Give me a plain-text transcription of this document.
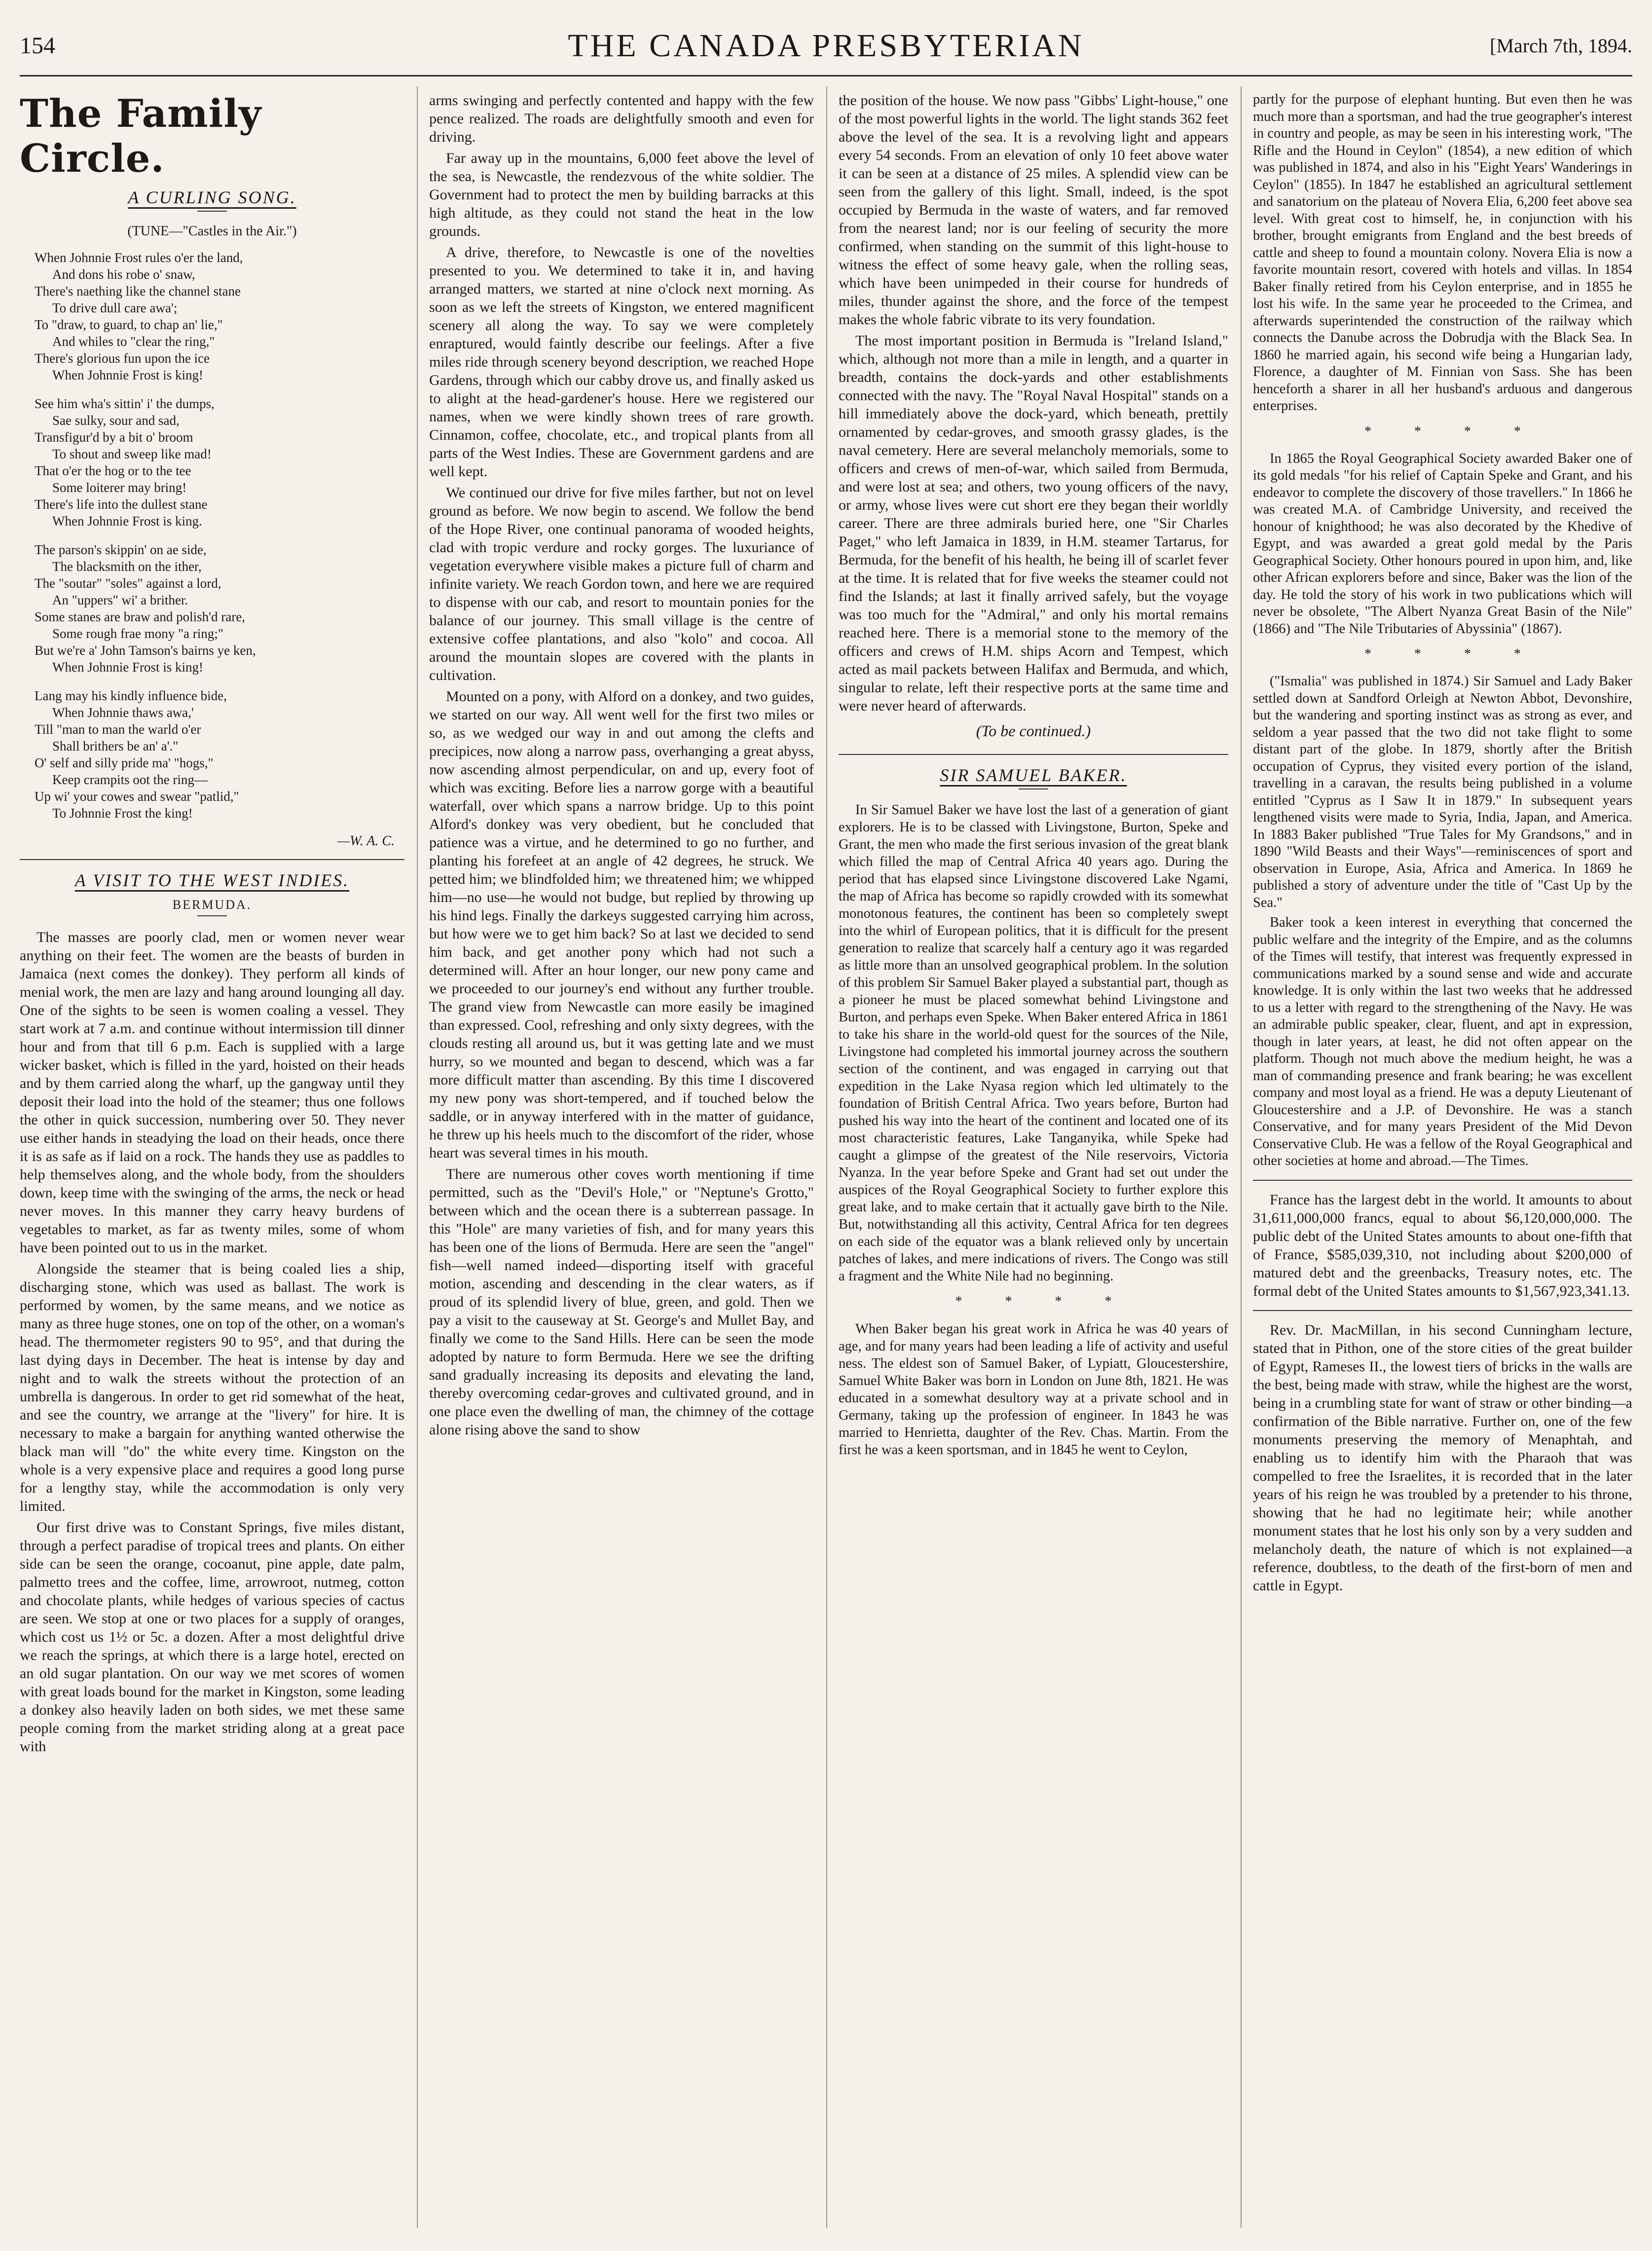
154	THE CANADA PRESBYTERIAN	[March 7th, 1894.
The Family Circle.
A CURLING SONG.
(TUNE—"Castles in the Air.")
When Johnnie Frost rules o'er the land,
And dons his robe o' snaw,
There's naething like the channel stane
To drive dull care awa';
To "draw, to guard, to chap an' lie,"
And whiles to "clear the ring,"
There's glorious fun upon the ice
When Johnnie Frost is king!
See him wha's sittin' i' the dumps,
Sae sulky, sour and sad,
Transfigur'd by a bit o' broom
To shout and sweep like mad!
That o'er the hog or to the tee
Some loiterer may bring!
There's life into the dullest stane
When Johnnie Frost is king.
The parson's skippin' on ae side,
The blacksmith on the ither,
The "soutar" "soles" against a lord,
An "uppers" wi' a brither.
Some stanes are braw and polish'd rare,
Some rough frae mony "a ring;"
But we're a' John Tamson's bairns ye ken,
When Johnnie Frost is king!
Lang may his kindly influence bide,
When Johnnie thaws awa,'
Till "man to man the warld o'er
Shall brithers be an' a'."
O' self and silly pride ma' "hogs,"
Keep crampits oot the ring—
Up wi' your cowes and swear "patlid,"
To Johnnie Frost the king!
—W. A. C.
A VISIT TO THE WEST INDIES.
BERMUDA.

The masses are poorly clad, men or women never wear anything on their feet. The women are the beasts of burden in Jamaica (next comes the donkey). They perform all kinds of menial work, the men are lazy and hang around lounging all day. One of the sights to be seen is women coaling a vessel. They start work at 7 a.m. and continue without intermission till dinner hour and from that till 6 p.m. Each is supplied with a large wicker basket, which is filled in the yard, hoisted on their heads and by them carried along the wharf, up the gangway until they deposit their load into the hold of the steamer; thus one follows the other in quick succession, numbering over 50. They never use either hands in steadying the load on their heads, once there it is as safe as if laid on a rock. The hands they use as paddles to help themselves along, and the whole body, from the shoulders down, keep time with the swinging of the arms, the neck or head never moves. In this manner they carry heavy burdens of vegetables to market, as far as twenty miles, some of whom have been pointed out to us in the market.

Alongside the steamer that is being coaled lies a ship, discharging stone, which was used as ballast. The work is performed by women, by the same means, and we notice as many as three huge stones, one on top of the other, on a woman's head. The thermometer registers 90 to 95°, and that during the last dying days in December. The heat is intense by day and night and to walk the streets without the protection of an umbrella is dangerous. In order to get rid somewhat of the heat, and see the country, we arrange at the "livery" for hire. It is necessary to make a bargain for anything wanted otherwise the black man will "do" the white every time. Kingston on the whole is a very expensive place and requires a good long purse for a lengthy stay, while the accommodation is only very limited.

Our first drive was to Constant Springs, five miles distant, through a perfect paradise of tropical trees and plants. On either side can be seen the orange, cocoanut, pine apple, date palm, palmetto trees and the coffee, lime, arrowroot, nutmeg, cotton and chocolate plants, while hedges of various species of cactus are seen. We stop at one or two places for a supply of oranges, which cost us 1½ or 5c. a dozen. After a most delightful drive we reach the springs, at which there is a large hotel, erected on an old sugar plantation. On our way we met scores of women with great loads bound for the market in Kingston, some leading a donkey also heavily laden on both sides, we met these same people coming from the market striding along at a great pace with

arms swinging and perfectly contented and happy with the few pence realized. The roads are delightfully smooth and even for driving.

Far away up in the mountains, 6,000 feet above the level of the sea, is Newcastle, the rendezvous of the white soldier. The Government had to protect the men by building barracks at this high altitude, as they could not stand the heat in the low grounds.

A drive, therefore, to Newcastle is one of the novelties presented to you. We determined to take it in, and having arranged matters, we started at nine o'clock next morning. As soon as we left the streets of Kingston, we entered magnificent scenery all along the way. To say we were completely enraptured, would faintly describe our feelings. After a five miles ride through scenery beyond description, we reached Hope Gardens, through which our cabby drove us, and finally asked us to alight at the head-gardener's house. Here we registered our names, when we were kindly shown trees of rare growth. Cinnamon, coffee, chocolate, etc., and tropical plants from all parts of the West Indies. These are Government gardens and are well kept.

We continued our drive for five miles farther, but not on level ground as before. We now begin to ascend. We follow the bend of the Hope River, one continual panorama of wooded heights, clad with tropic verdure and rocky gorges. The luxuriance of vegetation everywhere visible makes a picture full of charm and infinite variety. We reach Gordon town, and here we are required to dispense with our cab, and resort to mountain ponies for the balance of our journey. This small village is the centre of extensive coffee plantations, and also "kolo" and cocoa. All around the mountain slopes are covered with the plants in cultivation.

Mounted on a pony, with Alford on a donkey, and two guides, we started on our way. All went well for the first two miles or so, as we wedged our way in and out among the clefts and precipices, now along a narrow pass, overhanging a great abyss, now ascending almost perpendicular, on and up, every foot of which was exciting. Before lies a narrow gorge with a beautiful waterfall, over which spans a narrow bridge. Up to this point Alford's donkey was very obedient, but he concluded that patience was a virtue, and he determined to go no further, and planting his forefeet at an angle of 42 degrees, he struck. We petted him; we blindfolded him; we threatened him; we whipped him—no use—he would not budge, but replied by throwing up his hind legs. Finally the darkeys suggested carrying him across, but how were we to get him back? So at last we decided to send him back, and get another pony which had not such a determined will. After an hour longer, our new pony came and we proceeded to our journey's end without any further trouble. The grand view from Newcastle can more easily be imagined than expressed. Cool, refreshing and only sixty degrees, with the clouds resting all around us, but it was getting late and we must hurry, so we mounted and began to descend, which was a far more difficult matter than ascending. By this time I discovered my new pony was short-tempered, and if touched below the saddle, or in anyway interfered with in the matter of guidance, he threw up his heels much to the discomfort of the rider, whose heart was several times in his mouth.

There are numerous other coves worth mentioning if time permitted, such as the "Devil's Hole," or "Neptune's Grotto," between which and the ocean there is a subterrean passage. In this "Hole" are many varieties of fish, and for many years this has been one of the lions of Bermuda. Here are seen the "angel" fish—well named indeed—disporting itself with graceful motion, ascending and descending in the clear waters, as if proud of its splendid livery of blue, green, and gold. Then we pay a visit to the causeway at St. George's and Mullet Bay, and finally we come to the Sand Hills. Here can be seen the mode adopted by nature to form Bermuda. Here we see the drifting sand gradually increasing its deposits and elevating the land, thereby overcoming cedar-groves and cultivated ground, and in one place even the dwelling of man, the chimney of the cottage alone rising above the sand to show

the position of the house. We now pass "Gibbs' Light-house," one of the most powerful lights in the world. The light stands 362 feet above the level of the sea. It is a revolving light and appears every 54 seconds. From an elevation of only 10 feet above water it can be seen at a distance of 25 miles. A splendid view can be seen from the gallery of this light. Small, indeed, is the spot occupied by Bermuda in the waste of waters, and far removed from the nearest land; nor is our feeling of security the more confirmed, when standing on the summit of this light-house to witness the effect of some heavy gale, when the rolling seas, which have been unimpeded in their course for hundreds of miles, thunder against the shore, and the force of the tempest makes the whole fabric vibrate to its very foundation.

The most important position in Bermuda is "Ireland Island," which, although not more than a mile in length, and a quarter in breadth, contains the dock-yards and other establishments connected with the navy. The "Royal Naval Hospital" stands on a hill immediately above the dock-yard, which beneath, prettily ornamented by cedar-groves, and smooth grassy glades, is the naval cemetery. Here are several melancholy memorials, some to officers and crews of men-of-war, which sailed from Bermuda, and were lost at sea; and others, two young officers of the navy, or army, whose lives were cut short ere they began their worldly career. There are three admirals buried here, one "Sir Charles Paget," who left Jamaica in 1839, in H.M. steamer Tartarus, for Bermuda, for the benefit of his health, he being ill of scarlet fever at the time. It is related that for five weeks the steamer could not find the Islands; at last it finally arrived safely, but the voyage was too much for the "Admiral," and only his mortal remains reached here. There is a memorial stone to the memory of the officers and crews of H.M. ships Acorn and Tempest, which acted as mail packets between Halifax and Bermuda, and which, singular to relate, left their respective ports at the same time and were never heard of afterwards.

(To be continued.)
SIR SAMUEL BAKER.

In Sir Samuel Baker we have lost the last of a generation of giant explorers. He is to be classed with Livingstone, Burton, Speke and Grant, the men who made the first serious invasion of the great blank which filled the map of Central Africa 40 years ago. During the period that has elapsed since Livingstone discovered Lake Ngami, the map of Africa has become so rapidly crowded with its somewhat monotonous features, the continent has been so completely swept into the whirl of European politics, that it is difficult for the present generation to realize that scarcely half a century ago it was regarded as little more than an unsolved geographical problem. In the solution of this problem Sir Samuel Baker played a substantial part, though as a pioneer he must be placed somewhat behind Livingstone and Burton, and perhaps even Speke. When Baker entered Africa in 1861 to take his share in the world-old quest for the sources of the Nile, Livingstone had completed his immortal journey across the southern section of the continent, and was engaged in carrying out that expedition in the Lake Nyasa region which led ultimately to the foundation of British Central Africa. Two years before, Burton had pushed his way into the heart of the continent and located one of its most characteristic features, Lake Tanganyika, while Speke had caught a glimpse of the greatest of the Nile reservoirs, Victoria Nyanza. In the year before Speke and Grant had set out under the auspices of the Royal Geographical Society to further explore this great lake, and to make certain that it actually gave birth to the Nile. But, notwithstanding all this activity, Central Africa for ten degrees on each side of the equator was a blank relieved only by uncertain patches of lakes, and mere indications of rivers. The Congo was still a fragment and the White Nile had no beginning.

* * * *

When Baker began his great work in Africa he was 40 years of age, and for many years had been leading a life of activity and useful ness. The eldest son of Samuel Baker, of Lypiatt, Gloucestershire, Samuel White Baker was born in London on June 8th, 1821. He was educated in a somewhat desultory way at a private school and in Germany, taking up the profession of engineer. In 1843 he was married to Henrietta, daughter of the Rev. Chas. Martin. From the first he was a keen sportsman, and in 1845 he went to Ceylon,

partly for the purpose of elephant hunting. But even then he was much more than a sportsman, and had the true geographer's interest in country and people, as may be seen in his interesting work, "The Rifle and the Hound in Ceylon" (1854), a new edition of which was published in 1874, and also in his "Eight Years' Wanderings in Ceylon" (1855). In 1847 he established an agricultural settlement and sanatorium on the plateau of Novera Elia, 6,200 feet above sea level. With great cost to himself, he, in conjunction with his brother, brought emigrants from England and the best breeds of cattle and sheep to found a mountain colony. Novera Elia is now a favorite mountain resort, covered with hotels and villas. In 1854 Baker finally retired from his Ceylon enterprise, and in 1855 he lost his wife. In the same year he proceeded to the Crimea, and afterwards superintended the construction of the railway which connects the Danube across the Dobrudja with the Black Sea. In 1860 he married again, his second wife being a Hungarian lady, Florence, a daughter of M. Finnian von Sass. She has been henceforth a sharer in all her husband's arduous and dangerous enterprises.

* * * *

In 1865 the Royal Geographical Society awarded Baker one of its gold medals "for his relief of Captain Speke and Grant, and his endeavor to complete the discovery of those travellers." In 1866 he was created M.A. of Cambridge University, and received the honour of knighthood; he was also decorated by the Khedive of Egypt, and was awarded a great gold medal by the Paris Geographical Society. Other honours poured in upon him, and, like other African explorers before and since, Baker was the lion of the day. He told the story of his work in two publications which will never be obsolete, "The Albert Nyanza Great Basin of the Nile" (1866) and "The Nile Tributaries of Abyssinia" (1867).

* * * *

("Ismalia" was published in 1874.) Sir Samuel and Lady Baker settled down at Sandford Orleigh at Newton Abbot, Devonshire, but the wandering and sporting instinct was as strong as ever, and seldom a year passed that the two did not take flight to some distant part of the globe. In 1879, shortly after the British occupation of Cyprus, they visited every portion of the island, travelling in a caravan, the results being published in a volume entitled "Cyprus as I Saw It in 1879." In subsequent years lengthened visits were made to Syria, India, Japan, and America. In 1883 Baker published "True Tales for My Grandsons," and in 1890 "Wild Beasts and their Ways"—reminiscences of sport and observation in Europe, Asia, Africa and America. In 1869 he published a story of adventure under the title of "Cast Up by the Sea."

Baker took a keen interest in everything that concerned the public welfare and the integrity of the Empire, and as the columns of the Times will testify, that interest was frequently expressed in communications marked by a sound sense and wide and accurate knowledge. It is only within the last two weeks that he addressed to us a letter with regard to the strengthening of the Navy. He was an admirable public speaker, clear, fluent, and apt in expression, though in later years, at least, he did not often appear on the platform. Though not much above the medium height, he was a man of commanding presence and frank bearing; he was excellent company and most loyal as a friend. He was a deputy Lieutenant of Gloucestershire and a J.P. of Devonshire. He was a stanch Conservative, and for many years President of the Mid Devon Conservative Club. He was a fellow of the Royal Geographical and other societies at home and abroad.—The Times.

France has the largest debt in the world. It amounts to about 31,611,000,000 francs, equal to about $6,120,000,000. The public debt of the United States amounts to about one-fifth that of France, $585,039,310, not including about $200,000 of matured debt and the greenbacks, Treasury notes, etc. The formal debt of the United States amounts to $1,567,923,341.13.

Rev. Dr. MacMillan, in his second Cunningham lecture, stated that in Pithon, one of the store cities of the great builder of Egypt, Rameses II., the lowest tiers of bricks in the walls are the best, being made with straw, while the highest are the worst, being in a crumbling state for want of straw or other binding—a confirmation of the Bible narrative. Further on, one of the few monuments preserving the memory of Menaphtah, and enabling us to identify him with the Pharaoh that was compelled to free the Israelites, it is recorded that in the later years of his reign he was troubled by a pretender to his throne, showing that he had no legitimate heir; while another monument states that he lost his only son by a very sudden and melancholy death, the nature of which is not explained—a reference, doubtless, to the death of the first-born of men and cattle in Egypt.
